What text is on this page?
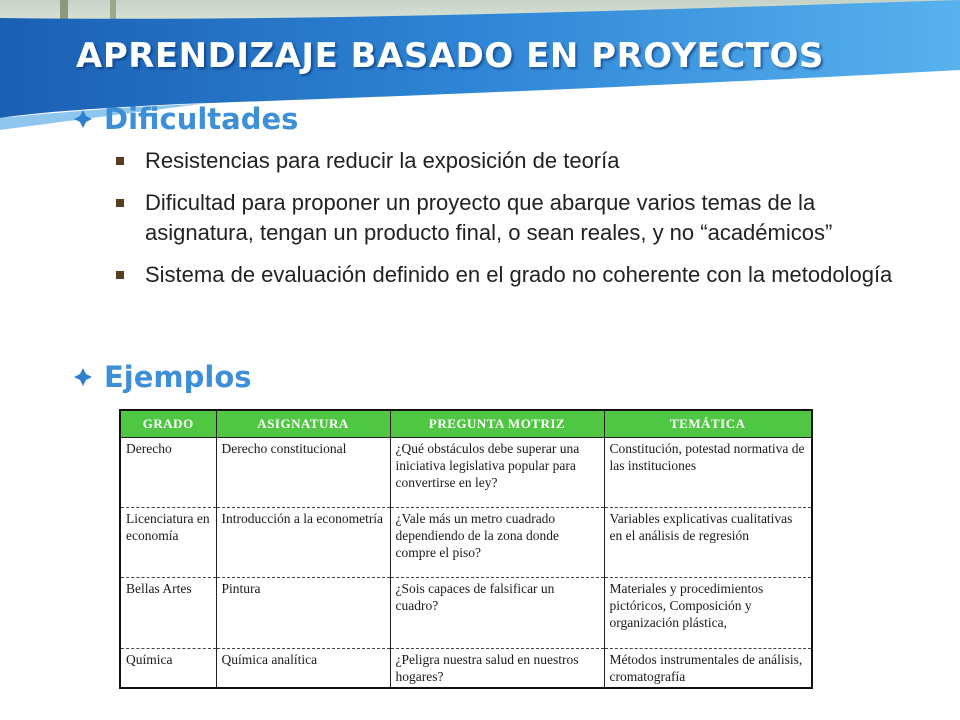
APRENDIZAJE BASADO EN PROYECTOS
Dificultades
Resistencias para reducir la exposición de teoría
Dificultad para proponer un proyecto que abarque varios temas de la asignatura, tengan un producto final, o sean reales, y no “académicos”
Sistema de evaluación definido en el grado no coherente con la metodología
Ejemplos
GRADO	ASIGNATURA	PREGUNTA MOTRIZ	TEMÁTICA
Derecho	Derecho constitucional	¿Qué obstáculos debe superar una iniciativa legislativa popular para convertirse en ley?	Constitución, potestad normativa de las instituciones
Licenciatura en economía	Introducción a la econometría	¿Vale más un metro cuadrado dependiendo de la zona donde compre el piso?	Variables explicativas cualitativas en el análisis de regresión
Bellas Artes	Pintura	¿Sois capaces de falsificar un cuadro?	Materiales y procedimientos pictóricos, Composición y organización plástica,
Química	Química analítica	¿Peligra nuestra salud en nuestros hogares?	Métodos instrumentales de análisis, cromatografía
